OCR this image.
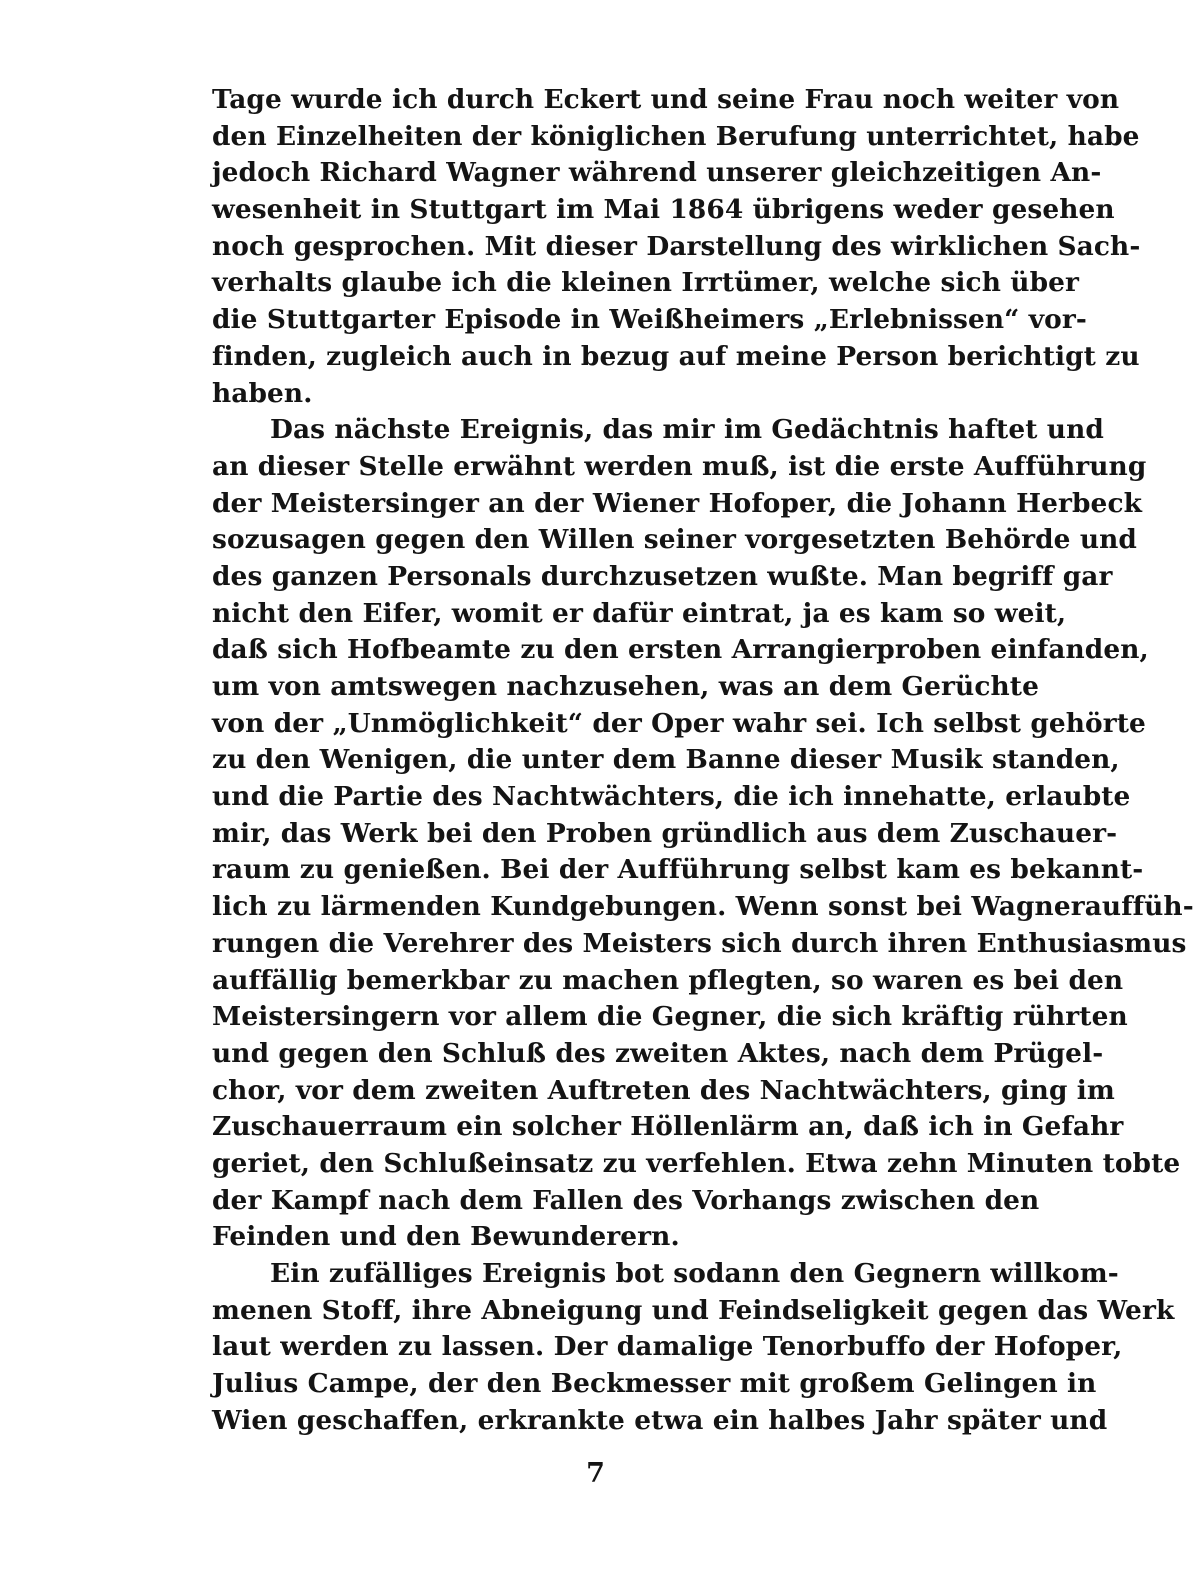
Tage wurde ich durch Eckert und seine Frau noch weiter von
den Einzelheiten der königlichen Berufung unterrichtet, habe
jedoch Richard Wagner während unserer gleichzeitigen An-
wesenheit in Stuttgart im Mai 1864 übrigens weder gesehen
noch gesprochen. Mit dieser Darstellung des wirklichen Sach-
verhalts glaube ich die kleinen Irrtümer, welche sich über
die Stuttgarter Episode in Weißheimers „Erlebnissen“ vor-
finden, zugleich auch in bezug auf meine Person berichtigt zu
haben.
Das nächste Ereignis, das mir im Gedächtnis haftet und
an dieser Stelle erwähnt werden muß, ist die erste Aufführung
der Meistersinger an der Wiener Hofoper, die Johann Herbeck
sozusagen gegen den Willen seiner vorgesetzten Behörde und
des ganzen Personals durchzusetzen wußte. Man begriff gar
nicht den Eifer, womit er dafür eintrat, ja es kam so weit,
daß sich Hofbeamte zu den ersten Arrangierproben einfanden,
um von amtswegen nachzusehen, was an dem Gerüchte
von der „Unmöglichkeit“ der Oper wahr sei. Ich selbst gehörte
zu den Wenigen, die unter dem Banne dieser Musik standen,
und die Partie des Nachtwächters, die ich innehatte, erlaubte
mir, das Werk bei den Proben gründlich aus dem Zuschauer-
raum zu genießen. Bei der Aufführung selbst kam es bekannt-
lich zu lärmenden Kundgebungen. Wenn sonst bei Wagnerauffüh-
rungen die Verehrer des Meisters sich durch ihren Enthusiasmus
auffällig bemerkbar zu machen pflegten, so waren es bei den
Meistersingern vor allem die Gegner, die sich kräftig rührten
und gegen den Schluß des zweiten Aktes, nach dem Prügel-
chor, vor dem zweiten Auftreten des Nachtwächters, ging im
Zuschauerraum ein solcher Höllenlärm an, daß ich in Gefahr
geriet, den Schlußeinsatz zu verfehlen. Etwa zehn Minuten tobte
der Kampf nach dem Fallen des Vorhangs zwischen den
Feinden und den Bewunderern.
Ein zufälliges Ereignis bot sodann den Gegnern willkom-
menen Stoff, ihre Abneigung und Feindseligkeit gegen das Werk
laut werden zu lassen. Der damalige Tenorbuffo der Hofoper,
Julius Campe, der den Beckmesser mit großem Gelingen in
Wien geschaffen, erkrankte etwa ein halbes Jahr später und
7
